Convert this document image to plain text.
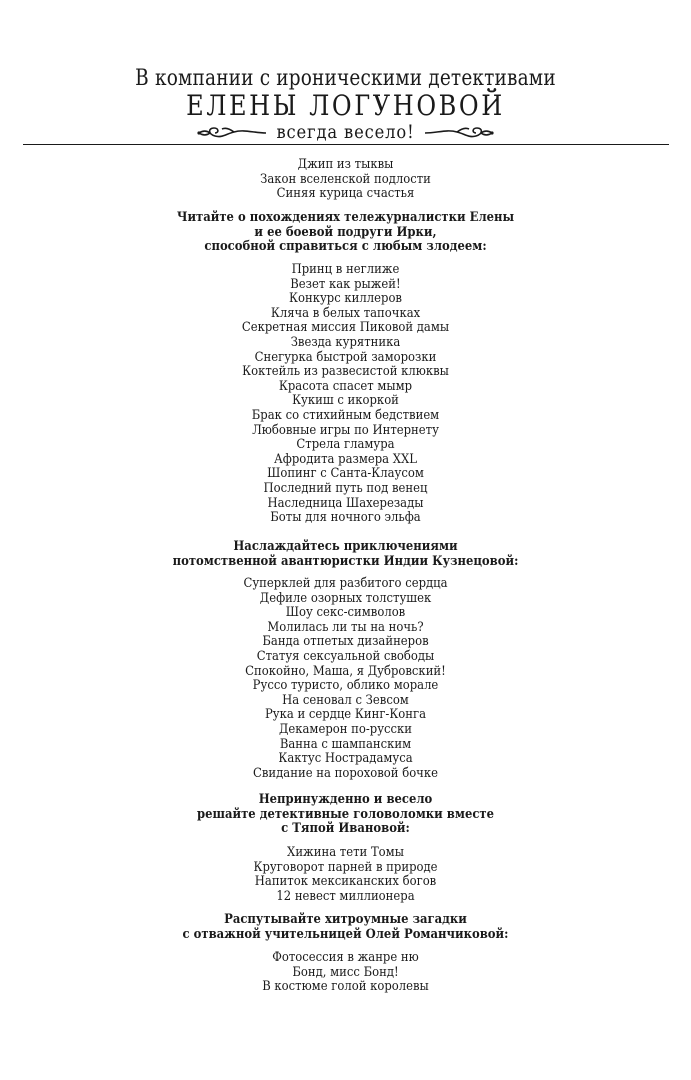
В компании с ироническими детективами
ЕЛЕНЫ ЛОГУНОВОЙ
всегда весело!
Джип из тыквы
Закон вселенской подлости
Синяя курица счастья
Читайте о похождениях тележурналистки Елены
и ее боевой подруги Ирки,
способной справиться с любым злодеем:
Принц в неглиже
Везет как рыжей!
Конкурс киллеров
Кляча в белых тапочках
Секретная миссия Пиковой дамы
Звезда курятника
Снегурка быстрой заморозки
Коктейль из развесистой клюквы
Красота спасет мымр
Кукиш с икоркой
Брак со стихийным бедствием
Любовные игры по Интернету
Стрела гламура
Афродита размера XXL
Шопинг с Санта-Клаусом
Последний путь под венец
Наследница Шахерезады
Боты для ночного эльфа
Наслаждайтесь приключениями
потомственной авантюристки Индии Кузнецовой:
Суперклей для разбитого сердца
Дефиле озорных толстушек
Шоу секс-символов
Молилась ли ты на ночь?
Банда отпетых дизайнеров
Статуя сексуальной свободы
Спокойно, Маша, я Дубровский!
Руссо туристо, облико морале
На сеновал с Зевсом
Рука и сердце Кинг-Конга
Декамерон по-русски
Ванна с шампанским
Кактус Нострадамуса
Свидание на пороховой бочке
Непринужденно и весело
решайте детективные головоломки вместе
с Тяпой Ивановой:
Хижина тети Томы
Круговорот парней в природе
Напиток мексиканских богов
12 невест миллионера
Распутывайте хитроумные загадки
с отважной учительницей Олей Романчиковой:
Фотосессия в жанре ню
Бонд, мисс Бонд!
В костюме голой королевы
